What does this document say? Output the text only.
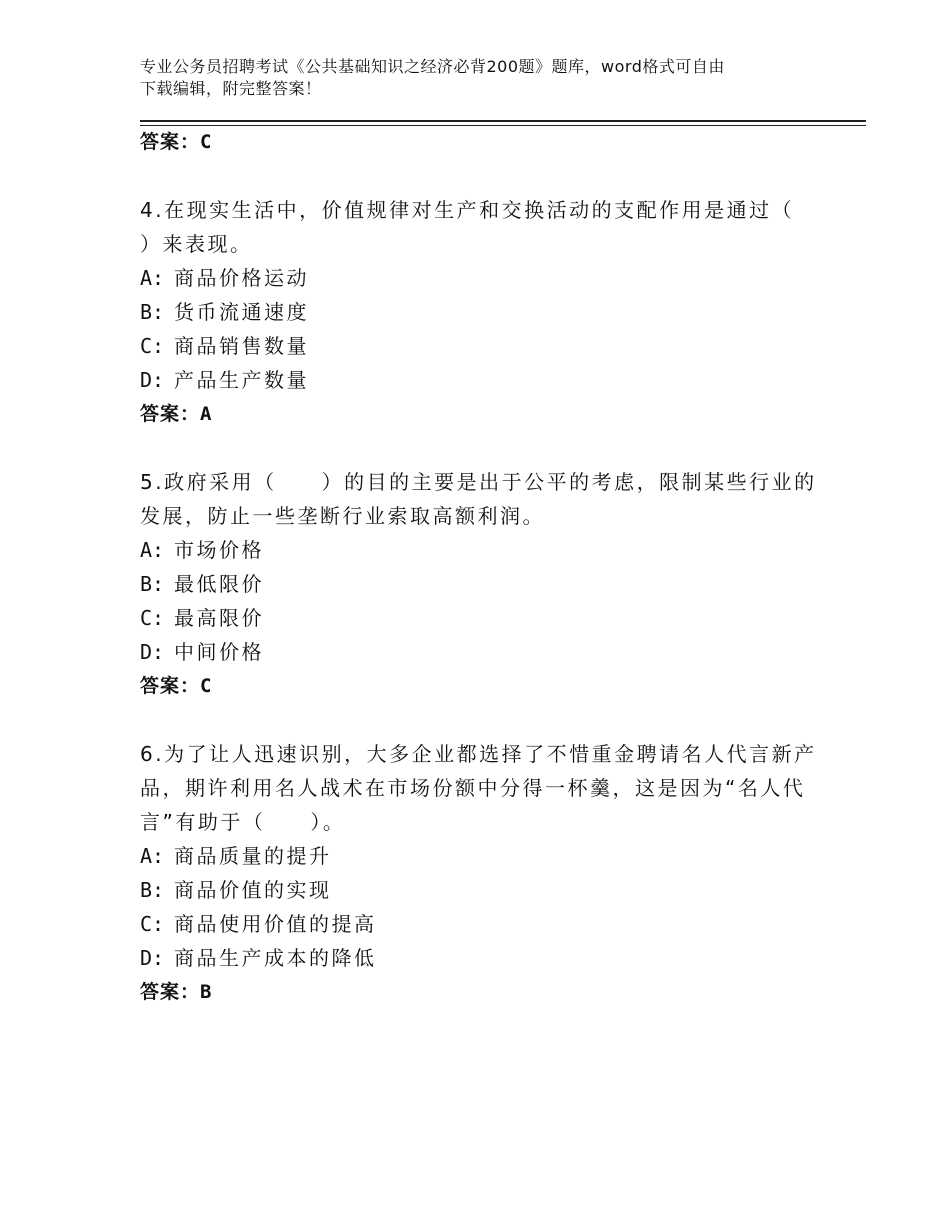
专业公务员招聘考试《公共基础知识之经济必背200题》题库，word格式可自由
下载编辑，附完整答案！
答案：C
4.在现实生活中，价值规律对生产和交换活动的支配作用是通过（
）来表现。
A: 商品价格运动
B: 货币流通速度
C: 商品销售数量
D: 产品生产数量
答案：A
5.政府采用（　　）的目的主要是出于公平的考虑，限制某些行业的
发展，防止一些垄断行业索取高额利润。
A: 市场价格
B: 最低限价
C: 最高限价
D: 中间价格
答案：C
6.为了让人迅速识别，大多企业都选择了不惜重金聘请名人代言新产
品，期许利用名人战术在市场份额中分得一杯羹，这是因为“名人代
言”有助于（　　）。
A: 商品质量的提升
B: 商品价值的实现
C: 商品使用价值的提高
D: 商品生产成本的降低
答案：B
